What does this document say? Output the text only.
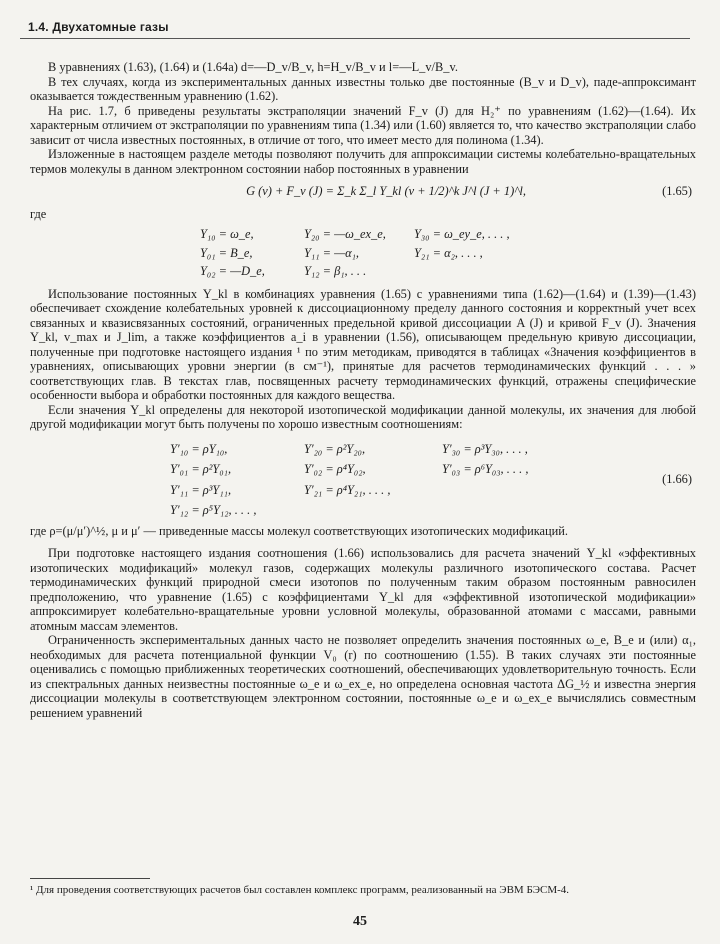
1.4. Двухатомные газы

В уравнениях (1.63), (1.64) и (1.64а) d=—D_v/B_v, h=H_v/B_v и l=—L_v/B_v.

В тех случаях, когда из экспериментальных данных известны только две постоянные (B_v и D_v), паде-аппроксимант оказывается тождественным уравнению (1.62).

На рис. 1.7, б приведены результаты экстраполяции значений F_v (J) для H₂⁺ по уравнениям (1.62)—(1.64). Их характерным отличием от экстраполяции по уравнениям типа (1.34) или (1.60) является то, что качество экстраполяции слабо зависит от числа известных постоянных, в отличие от того, что имеет место для полинома (1.34).

Изложенные в настоящем разделе методы позволяют получить для аппроксимации системы колебательно-вращательных термов молекулы в данном электронном состоянии набор постоянных в уравнении

G (v) + F_v (J) = Σ_k Σ_l Y_kl (v + 1/2)^k J^l (J + 1)^l,	(1.65)

где

Y₁₀ = ω_e,	Y₂₀ = —ω_ex_e,	Y₃₀ = ω_ey_e, . . . ,
Y₀₁ = B_e,	Y₁₁ = —α₁,	Y₂₁ = α₂, . . . ,
Y₀₂ = —D_e,	Y₁₂ = β₁, . . .

Использование постоянных Y_kl в комбинациях уравнения (1.65) с уравнениями типа (1.62)—(1.64) и (1.39)—(1.43) обеспечивает схождение колебательных уровней к диссоциационному пределу данного состояния и корректный учет всех связанных и квазисвязанных состояний, ограниченных предельной кривой диссоциации A (J) и кривой F_v (J). Значения Y_kl, v_max и J_lim, а также коэффициентов a_i в уравнении (1.56), описывающем предельную кривую диссоциации, полученные при подготовке настоящего издания ¹ по этим методикам, приводятся в таблицах «Значения коэффициентов в уравнениях, описывающих уровни энергии (в см⁻¹), принятые для расчетов термодинамических функций . . . » соответствующих глав. В текстах глав, посвященных расчету термодинамических функций, отражены специфические особенности выбора и обработки постоянных для каждого вещества.

Если значения Y_kl определены для некоторой изотопической модификации данной молекулы, их значения для любой другой модификации могут быть получены по хорошо известным соотношениям:

Y′₁₀ = ρY₁₀,	Y′₂₀ = ρ²Y₂₀,	Y′₃₀ = ρ³Y₃₀, . . . ,
Y′₀₁ = ρ²Y₀₁,	Y′₀₂ = ρ⁴Y₀₂,	Y′₀₃ = ρ⁶Y₀₃, . . . ,
Y′₁₁ = ρ³Y₁₁,	Y′₂₁ = ρ⁴Y₂₁, . . . ,
Y′₁₂ = ρ⁵Y₁₂, . . . ,
(1.66)

где ρ=(μ/μ′)^½, μ и μ′ — приведенные массы молекул соответствующих изотопических модификаций.

При подготовке настоящего издания соотношения (1.66) использовались для расчета значений Y_kl «эффективных изотопических модификаций» молекул газов, содержащих молекулы различного изотопического состава. Расчет термодинамических функций природной смеси изотопов по полученным таким образом постоянным равносилен предположению, что уравнение (1.65) с коэффициентами Y_kl для «эффективной изотопической модификации» аппроксимирует колебательно-вращательные уровни условной молекулы, образованной атомами с массами, равными атомным массам элементов.

Ограниченность экспериментальных данных часто не позволяет определить значения постоянных ω_e, B_e и (или) α₁, необходимых для расчета потенциальной функции V₀ (r) по соотношению (1.55). В таких случаях эти постоянные оценивались с помощью приближенных теоретических соотношений, обеспечивающих удовлетворительную точность. Если из спектральных данных неизвестны постоянные ω_e и ω_ex_e, но определена основная частота ΔG_½ и известна энергия диссоциации молекулы в соответствующем электронном состоянии, постоянные ω_e и ω_ex_e вычислялись совместным решением уравнений

¹ Для проведения соответствующих расчетов был составлен комплекс программ, реализованный на ЭВМ БЭСМ-4.
45
